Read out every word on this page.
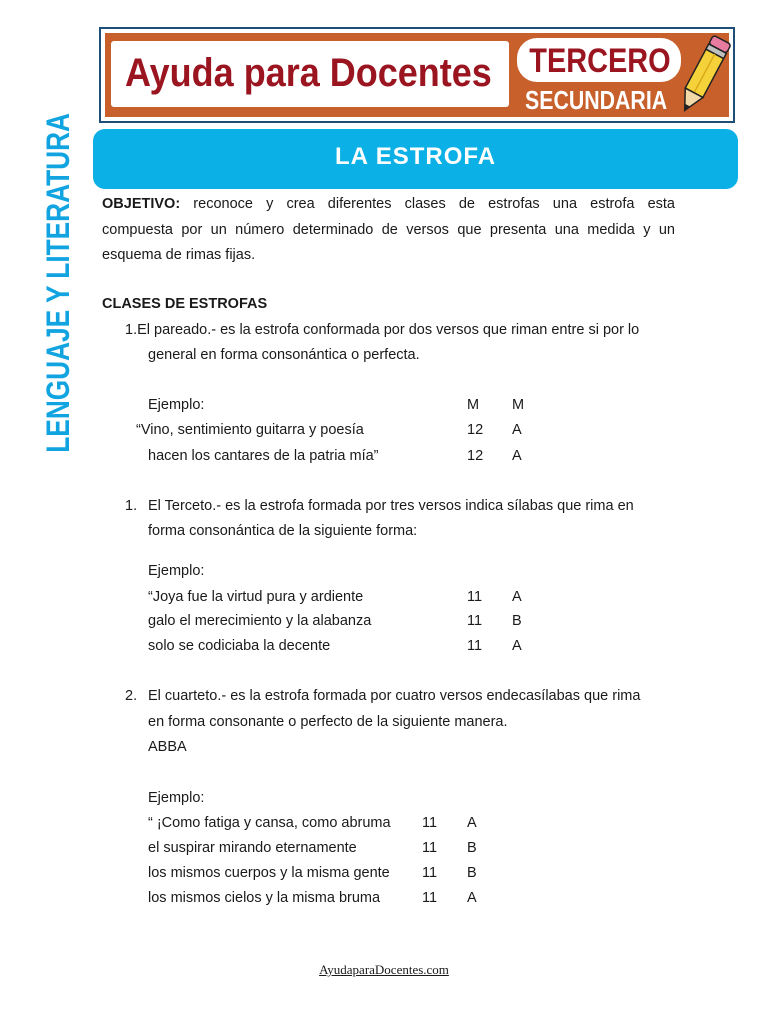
Ayuda para Docentes TERCERO
SECUNDARIA
LA ESTROFA
LENGUAJE Y LITERATURA OBJETIVO: reconoce y crea diferentes clases de estrofas una estrofa esta
compuesta por un número determinado de versos que presenta una medida y un
esquema de rimas fijas.
CLASES DE ESTROFAS
1.El pareado.- es la estrofa conformada por dos versos que riman entre si por lo
general en forma consonántica o perfecta.
Ejemplo:	M M
“Vino, sentimiento guitarra y poesía	12 A
hacen los cantares de la patria mía”	12 A
1. El Terceto.- es la estrofa formada por tres versos indica sílabas que rima en
forma consonántica de la siguiente forma:
Ejemplo:
“Joya fue la virtud pura y ardiente	11 A
galo el merecimiento y la alabanza	11 B
solo se codiciaba la decente	11 A
2. El cuarteto.- es la estrofa formada por cuatro versos endecasílabas que rima
en forma consonante o perfecto de la siguiente manera.
ABBA
Ejemplo:
“ ¡Como fatiga y cansa, como abruma 11 A
el suspirar mirando eternamente	11 B
los mismos cuerpos y la misma gente 11 B
los mismos cielos y la misma bruma	11 A
AyudaparaDocentes.com
